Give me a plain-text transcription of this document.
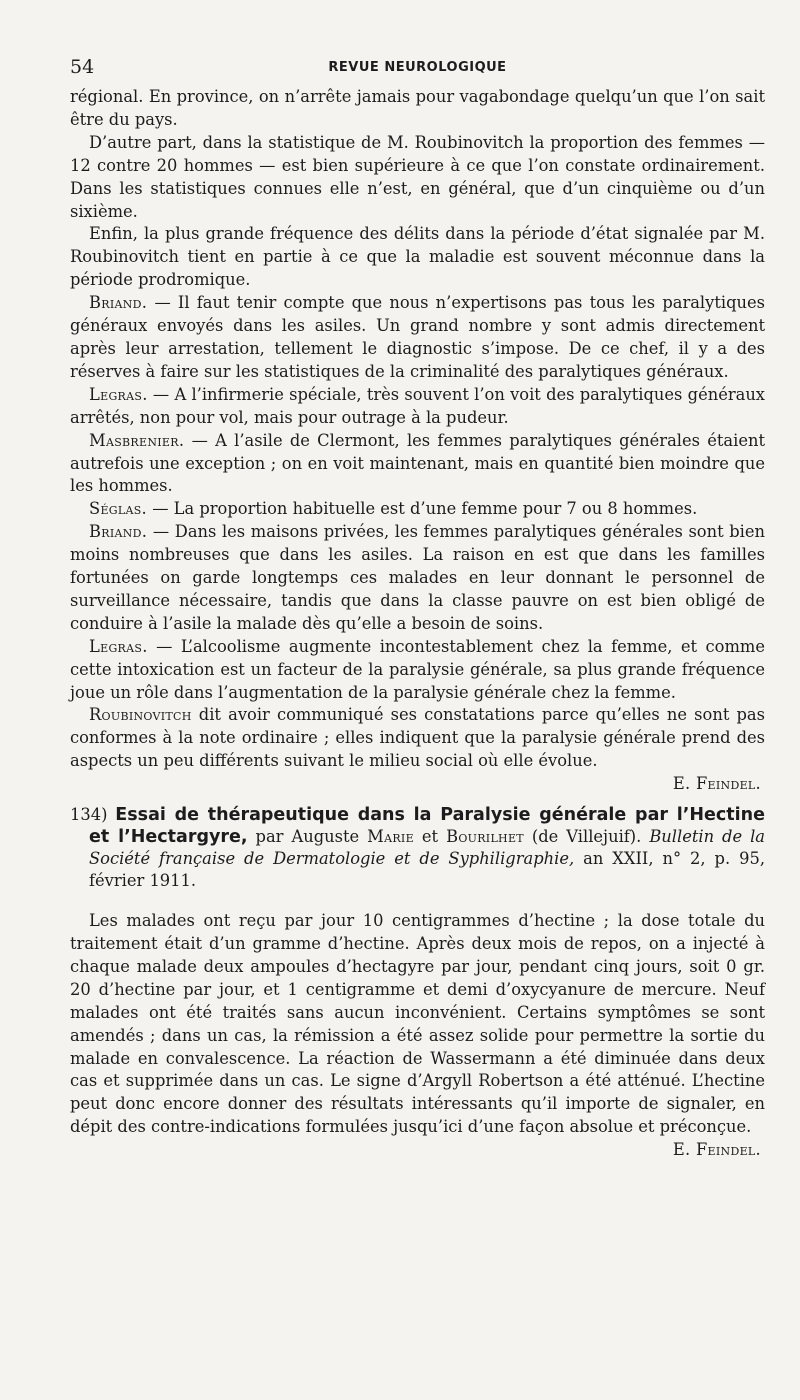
54	REVUE NEUROLOGIQUE

régional. En province, on n’arrête jamais pour vagabondage quelqu’un que l’on sait être du pays.

D’autre part, dans la statistique de M. Roubinovitch la proportion des femmes — 12 contre 20 hommes — est bien supérieure à ce que l’on constate ordinairement. Dans les statistiques connues elle n’est, en général, que d’un cinquième ou d’un sixième.

Enfin, la plus grande fréquence des délits dans la période d’état signalée par M. Roubinovitch tient en partie à ce que la maladie est souvent méconnue dans la période prodromique.

Briand. — Il faut tenir compte que nous n’expertisons pas tous les paralytiques généraux envoyés dans les asiles. Un grand nombre y sont admis directement après leur arrestation, tellement le diagnostic s’impose. De ce chef, il y a des réserves à faire sur les statistiques de la criminalité des paralytiques généraux.

Legras. — A l’infirmerie spéciale, très souvent l’on voit des paralytiques généraux arrêtés, non pour vol, mais pour outrage à la pudeur.

Masbrenier. — A l’asile de Clermont, les femmes paralytiques générales étaient autrefois une exception ; on en voit maintenant, mais en quantité bien moindre que les hommes.

Séglas. — La proportion habituelle est d’une femme pour 7 ou 8 hommes.

Briand. — Dans les maisons privées, les femmes paralytiques générales sont bien moins nombreuses que dans les asiles. La raison en est que dans les familles fortunées on garde longtemps ces malades en leur donnant le personnel de surveillance nécessaire, tandis que dans la classe pauvre on est bien obligé de conduire à l’asile la malade dès qu’elle a besoin de soins.

Legras. — L’alcoolisme augmente incontestablement chez la femme, et comme cette intoxication est un facteur de la paralysie générale, sa plus grande fréquence joue un rôle dans l’augmentation de la paralysie générale chez la femme.

Roubinovitch dit avoir communiqué ses constatations parce qu’elles ne sont pas conformes à la note ordinaire ; elles indiquent que la paralysie générale prend des aspects un peu différents suivant le milieu social où elle évolue.

E. Feindel.

134) Essai de thérapeutique dans la Paralysie générale par l’Hectine et l’Hectargyre, par Auguste Marie et Bourilhet (de Villejuif). Bulletin de la Société française de Dermatologie et de Syphiligraphie, an XXII, n° 2, p. 95, février 1911.

Les malades ont reçu par jour 10 centigrammes d’hectine ; la dose totale du traitement était d’un gramme d’hectine. Après deux mois de repos, on a injecté à chaque malade deux ampoules d’hectagyre par jour, pendant cinq jours, soit 0 gr. 20 d’hectine par jour, et 1 centigramme et demi d’oxycyanure de mercure. Neuf malades ont été traités sans aucun inconvénient. Certains symptômes se sont amendés ; dans un cas, la rémission a été assez solide pour permettre la sortie du malade en convalescence. La réaction de Wassermann a été diminuée dans deux cas et supprimée dans un cas. Le signe d’Argyll Robertson a été atténué. L’hectine peut donc encore donner des résultats intéressants qu’il importe de signaler, en dépit des contre-indications formulées jusqu’ici d’une façon absolue et préconçue.
E. Feindel.
